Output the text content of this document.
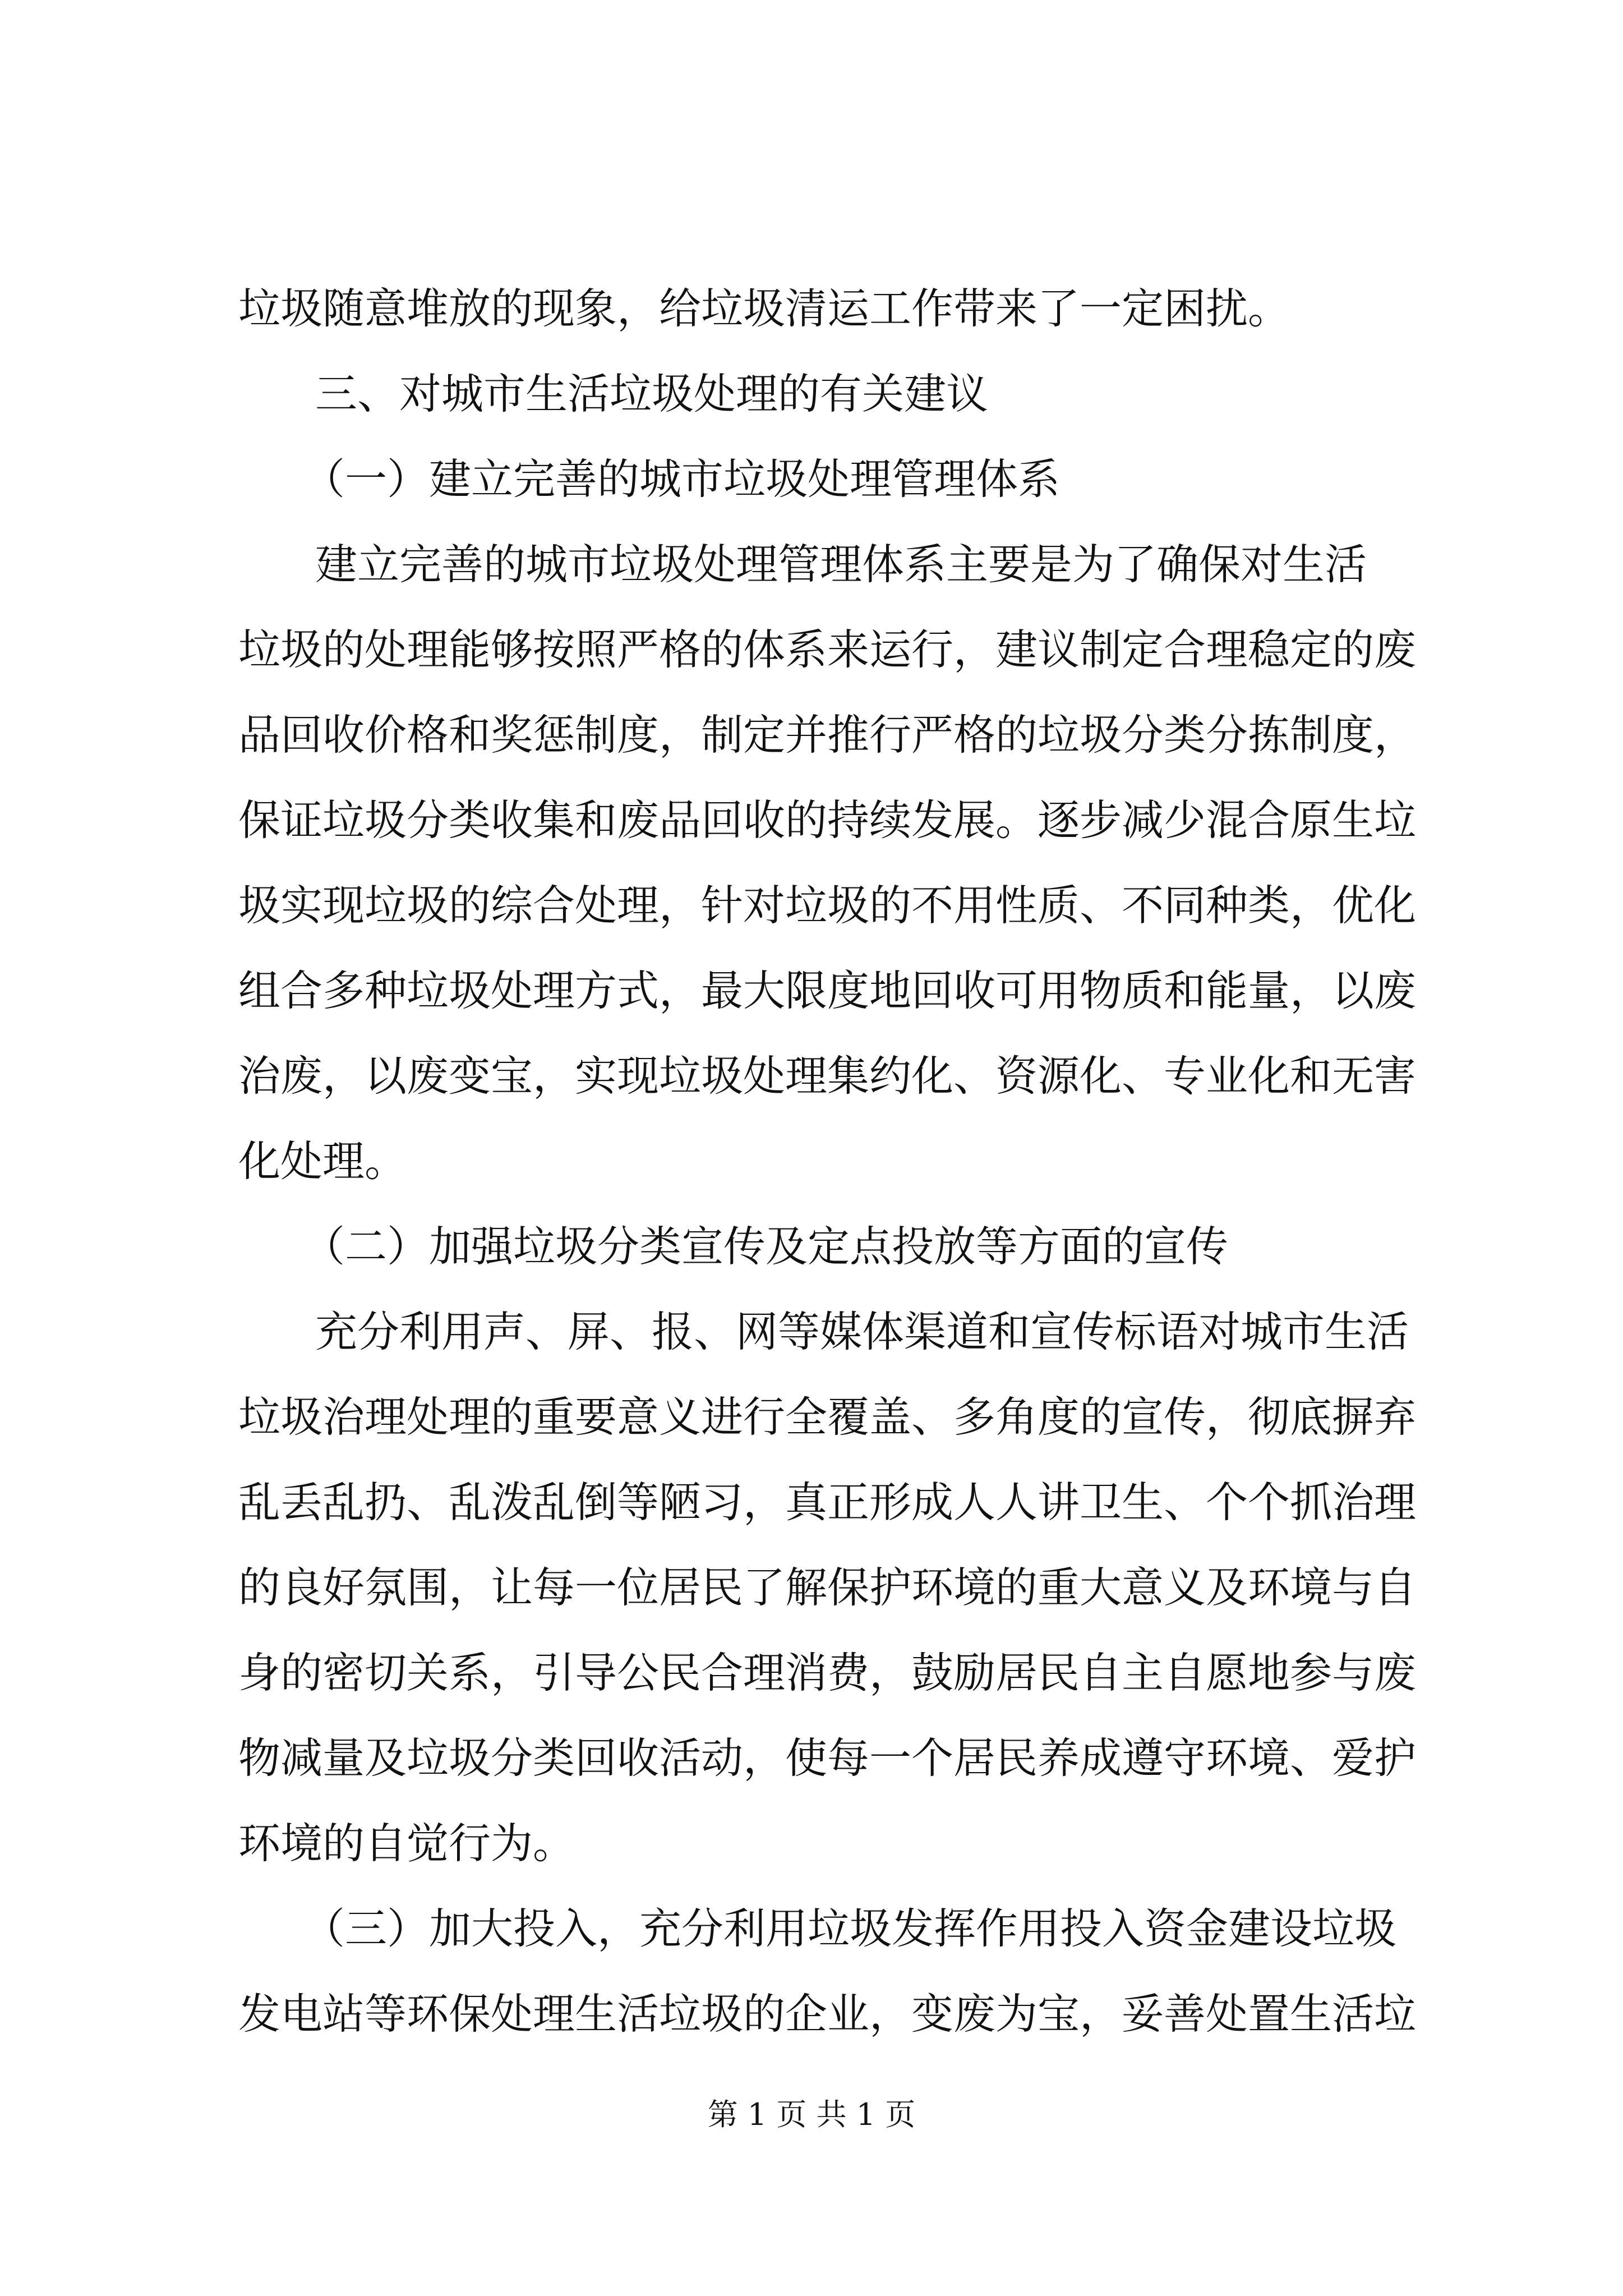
垃圾随意堆放的现象，给垃圾清运工作带来了一定困扰。
三、对城市生活垃圾处理的有关建议
（一）建立完善的城市垃圾处理管理体系
建立完善的城市垃圾处理管理体系主要是为了确保对生活
垃圾的处理能够按照严格的体系来运行，建议制定合理稳定的废
品回收价格和奖惩制度，制定并推行严格的垃圾分类分拣制度，
保证垃圾分类收集和废品回收的持续发展。逐步减少混合原生垃
圾实现垃圾的综合处理，针对垃圾的不用性质、不同种类，优化
组合多种垃圾处理方式，最大限度地回收可用物质和能量，以废
治废，以废变宝，实现垃圾处理集约化、资源化、专业化和无害
化处理。
（二）加强垃圾分类宣传及定点投放等方面的宣传
充分利用声、屏、报、网等媒体渠道和宣传标语对城市生活
垃圾治理处理的重要意义进行全覆盖、多角度的宣传，彻底摒弃
乱丢乱扔、乱泼乱倒等陋习，真正形成人人讲卫生、个个抓治理
的良好氛围，让每一位居民了解保护环境的重大意义及环境与自
身的密切关系，引导公民合理消费，鼓励居民自主自愿地参与废
物减量及垃圾分类回收活动，使每一个居民养成遵守环境、爱护
环境的自觉行为。
（三）加大投入，充分利用垃圾发挥作用投入资金建设垃圾
发电站等环保处理生活垃圾的企业，变废为宝，妥善处置生活垃
第 1 页 共 1 页
